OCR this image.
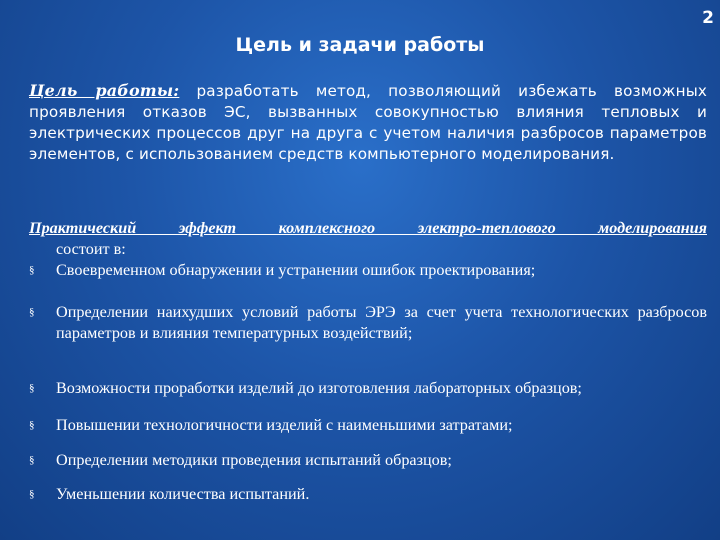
2
Цель и задачи работы
Цель работы: разработать метод, позволяющий избежать возможных проявления отказов ЭС, вызванных совокупностью влияния тепловых и электрических процессов друг на друга с учетом наличия разбросов параметров элементов, с использованием средств компьютерного моделирования.
Практический эффект комплексного электро-теплового моделирования
состоит в:
§	Своевременном обнаружении и устранении ошибок проектирования;
§	Определении наихудших условий работы ЭРЭ за счет учета технологических разбросов параметров и влияния температурных воздействий;
§	Возможности проработки изделий до изготовления лабораторных образцов;
§	Повышении технологичности изделий с наименьшими затратами;
§	Определении методики проведения испытаний образцов;
§	Уменьшении количества испытаний.
